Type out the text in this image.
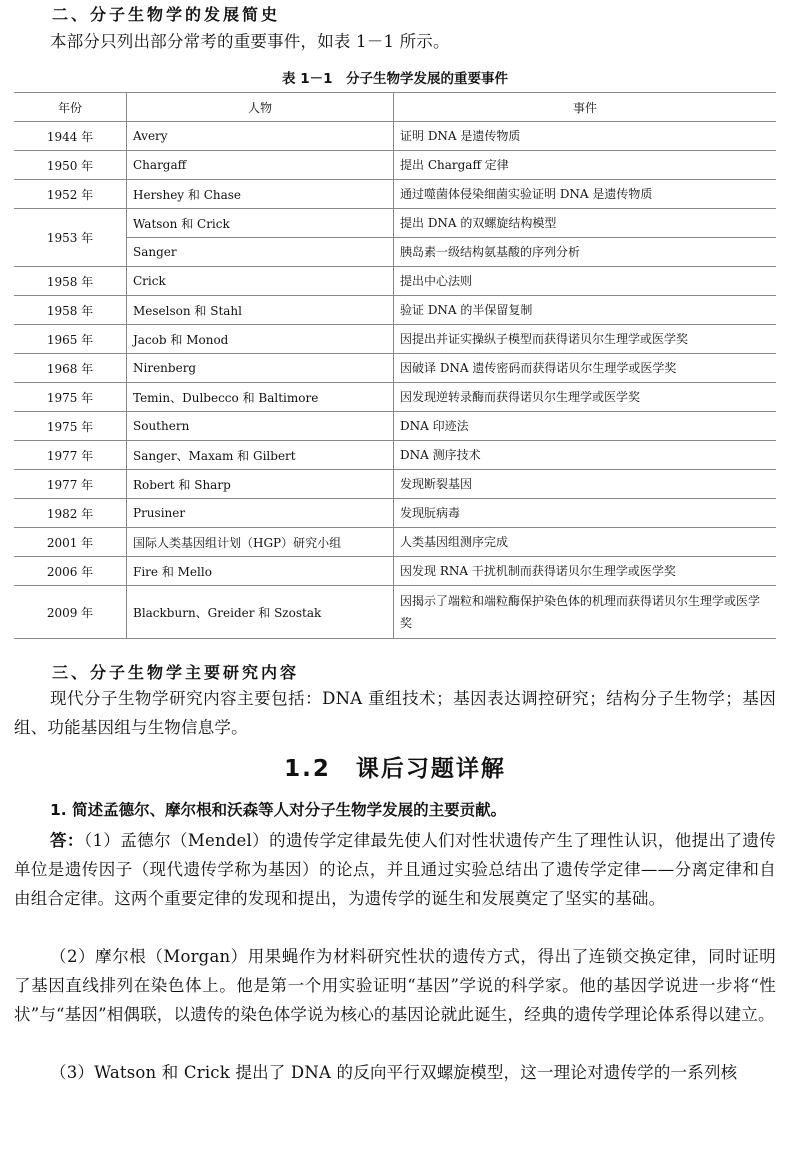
二、分子生物学的发展简史
本部分只列出部分常考的重要事件，如表 1－1 所示。
表 1－1　分子生物学发展的重要事件
年份	人物	事件
1944 年	Avery	证明 DNA 是遗传物质
1950 年	Chargaff	提出 Chargaff 定律
1952 年	Hershey 和 Chase	通过噬菌体侵染细菌实验证明 DNA 是遗传物质
1953 年	Watson 和 Crick	提出 DNA 的双螺旋结构模型
	Sanger	胰岛素一级结构氨基酸的序列分析
1958 年	Crick	提出中心法则
1958 年	Meselson 和 Stahl	验证 DNA 的半保留复制
1965 年	Jacob 和 Monod	因提出并证实操纵子模型而获得诺贝尔生理学或医学奖
1968 年	Nirenberg	因破译 DNA 遗传密码而获得诺贝尔生理学或医学奖
1975 年	Temin、Dulbecco 和 Baltimore	因发现逆转录酶而获得诺贝尔生理学或医学奖
1975 年	Southern	DNA 印迹法
1977 年	Sanger、Maxam 和 Gilbert	DNA 测序技术
1977 年	Robert 和 Sharp	发现断裂基因
1982 年	Prusiner	发现朊病毒
2001 年	国际人类基因组计划（HGP）研究小组	人类基因组测序完成
2006 年	Fire 和 Mello	因发现 RNA 干扰机制而获得诺贝尔生理学或医学奖
2009 年	Blackburn、Greider 和 Szostak	因揭示了端粒和端粒酶保护染色体的机理而获得诺贝尔生理学或医学奖
三、分子生物学主要研究内容
现代分子生物学研究内容主要包括：DNA 重组技术；基因表达调控研究；结构分子生物学；基因组、功能基因组与生物信息学。
1.2　课后习题详解
1. 简述孟德尔、摩尔根和沃森等人对分子生物学发展的主要贡献。
答：（1）孟德尔（Mendel）的遗传学定律最先使人们对性状遗传产生了理性认识，他提出了遗传单位是遗传因子（现代遗传学称为基因）的论点，并且通过实验总结出了遗传学定律——分离定律和自由组合定律。这两个重要定律的发现和提出，为遗传学的诞生和发展奠定了坚实的基础。
（2）摩尔根（Morgan）用果蝇作为材料研究性状的遗传方式，得出了连锁交换定律，同时证明了基因直线排列在染色体上。他是第一个用实验证明“基因”学说的科学家。他的基因学说进一步将“性状”与“基因”相偶联，以遗传的染色体学说为核心的基因论就此诞生，经典的遗传学理论体系得以建立。
（3）Watson 和 Crick 提出了 DNA 的反向平行双螺旋模型，这一理论对遗传学的一系列核
